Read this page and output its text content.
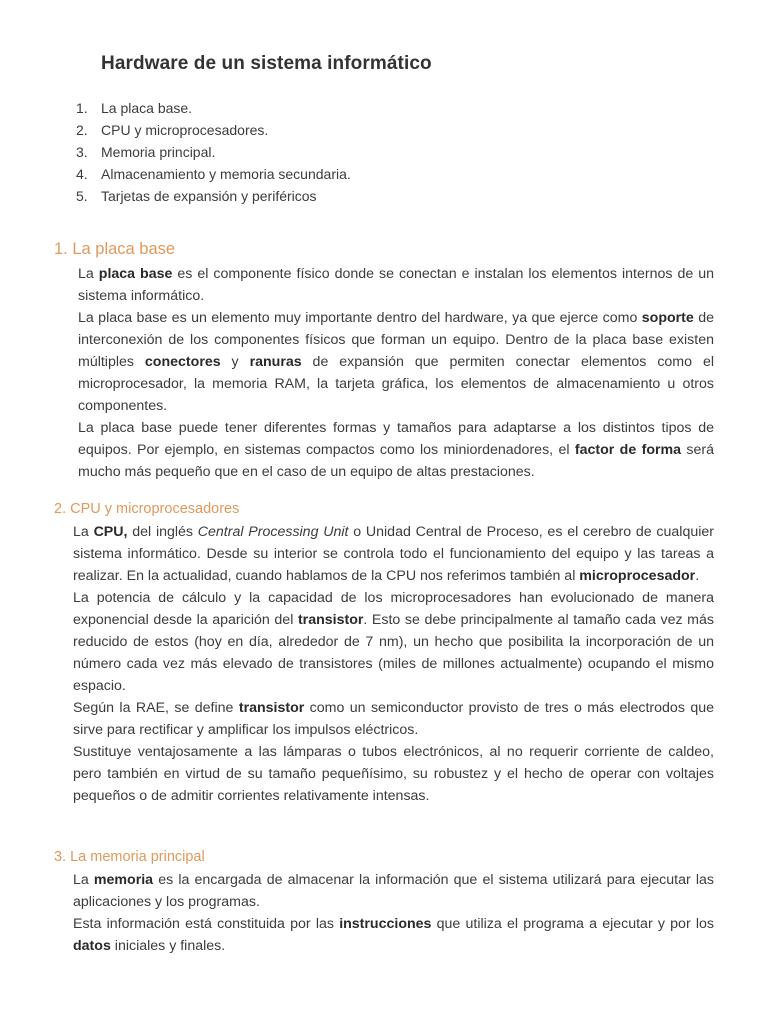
Hardware de un sistema informático
1. La placa base.
2. CPU y microprocesadores.
3. Memoria principal.
4. Almacenamiento y memoria secundaria.
5. Tarjetas de expansión y periféricos
1. La placa base

La placa base es el componente físico donde se conectan e instalan los elementos internos de un sistema informático.

La placa base es un elemento muy importante dentro del hardware, ya que ejerce como soporte de interconexión de los componentes físicos que forman un equipo. Dentro de la placa base existen múltiples conectores y ranuras de expansión que permiten conectar elementos como el microprocesador, la memoria RAM, la tarjeta gráfica, los elementos de almacenamiento u otros componentes.

La placa base puede tener diferentes formas y tamaños para adaptarse a los distintos tipos de equipos. Por ejemplo, en sistemas compactos como los miniordenadores, el factor de forma será mucho más pequeño que en el caso de un equipo de altas prestaciones.

2. CPU y microprocesadores

La CPU, del inglés Central Processing Unit o Unidad Central de Proceso, es el cerebro de cualquier sistema informático. Desde su interior se controla todo el funcionamiento del equipo y las tareas a realizar. En la actualidad, cuando hablamos de la CPU nos referimos también al microprocesador.

La potencia de cálculo y la capacidad de los microprocesadores han evolucionado de manera exponencial desde la aparición del transistor. Esto se debe principalmente al tamaño cada vez más reducido de estos (hoy en día, alrededor de 7 nm), un hecho que posibilita la incorporación de un número cada vez más elevado de transistores (miles de millones actualmente) ocupando el mismo espacio.

Según la RAE, se define transistor como un semiconductor provisto de tres o más electrodos que sirve para rectificar y amplificar los impulsos eléctricos.

Sustituye ventajosamente a las lámparas o tubos electrónicos, al no requerir corriente de caldeo, pero también en virtud de su tamaño pequeñísimo, su robustez y el hecho de operar con voltajes pequeños o de admitir corrientes relativamente intensas.

3. La memoria principal

La memoria es la encargada de almacenar la información que el sistema utilizará para ejecutar las aplicaciones y los programas.

Esta información está constituida por las instrucciones que utiliza el programa a ejecutar y por los datos iniciales y finales.
